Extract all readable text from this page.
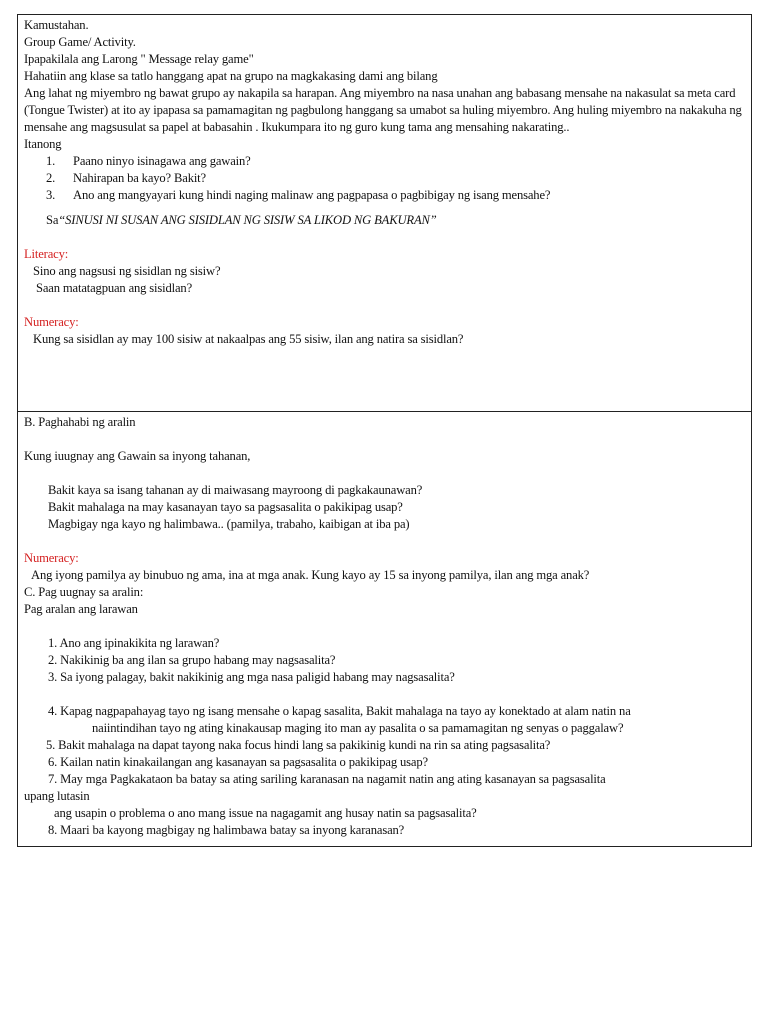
Kamustahan.
Group Game/ Activity.
Ipapakilala ang Larong " Message relay game"
Hahatiin ang klase sa tatlo hanggang apat na grupo na magkakasing dami ang bilang
Ang lahat ng miyembro ng bawat grupo ay nakapila sa harapan. Ang miyembro na nasa unahan ang babasang mensahe na nakasulat sa meta card (Tongue Twister) at ito ay ipapasa sa pamamagitan ng pagbulong hanggang sa umabot sa huling miyembro. Ang huling miyembro na nakakuha ng mensahe ang magsusulat sa papel at babasahin . Ikukumpara ito ng guro kung tama ang mensahing nakarating..
Itanong
1.	Paano ninyo isinagawa ang gawain?
2.	Nahirapan ba kayo? Bakit?
3.	Ano ang mangyayari kung hindi naging malinaw ang pagpapasa o pagbibigay ng isang mensahe?
Sa“SINUSI NI SUSAN ANG SISIDLAN NG SISIW SA LIKOD NG BAKURAN”
Literacy:
Sino ang nagsusi ng sisidlan ng sisiw?
Saan matatagpuan ang sisidlan?
Numeracy:
Kung sa sisidlan ay may 100 sisiw at nakaalpas ang 55 sisiw, ilan ang natira sa sisidlan?
B. Paghahabi ng aralin
Kung iuugnay ang Gawain sa inyong tahanan,
Bakit kaya sa isang tahanan ay di maiwasang mayroong di pagkakaunawan?
Bakit mahalaga na may kasanayan tayo sa pagsasalita o pakikipag usap?
Magbigay nga kayo ng halimbawa.. (pamilya, trabaho, kaibigan at iba pa)
Numeracy:
Ang iyong pamilya ay binubuo ng ama, ina at mga anak. Kung kayo ay 15 sa inyong pamilya, ilan ang mga anak?
C. Pag uugnay sa aralin:
Pag aralan ang larawan
1. Ano ang ipinakikita ng larawan?
2. Nakikinig ba ang ilan sa grupo habang may nagsasalita?
3. Sa iyong palagay, bakit nakikinig ang mga nasa paligid habang may nagsasalita?
4. Kapag nagpapahayag tayo ng isang mensahe o kapag sasalita, Bakit mahalaga na tayo ay konektado at alam natin na
naiintindihan tayo ng ating kinakausap maging ito man ay pasalita o sa pamamagitan ng senyas o paggalaw?
5. Bakit mahalaga na dapat tayong naka focus hindi lang sa pakikinig kundi na rin sa ating pagsasalita?
6. Kailan natin kinakailangan ang kasanayan sa pagsasalita o pakikipag usap?
7. May mga Pagkakataon ba batay sa ating sariling karanasan na nagamit natin ang ating kasanayan sa pagsasalita
upang lutasin
ang usapin o problema o ano mang issue na nagagamit ang husay natin sa pagsasalita?
8. Maari ba kayong magbigay ng halimbawa batay sa inyong karanasan?
